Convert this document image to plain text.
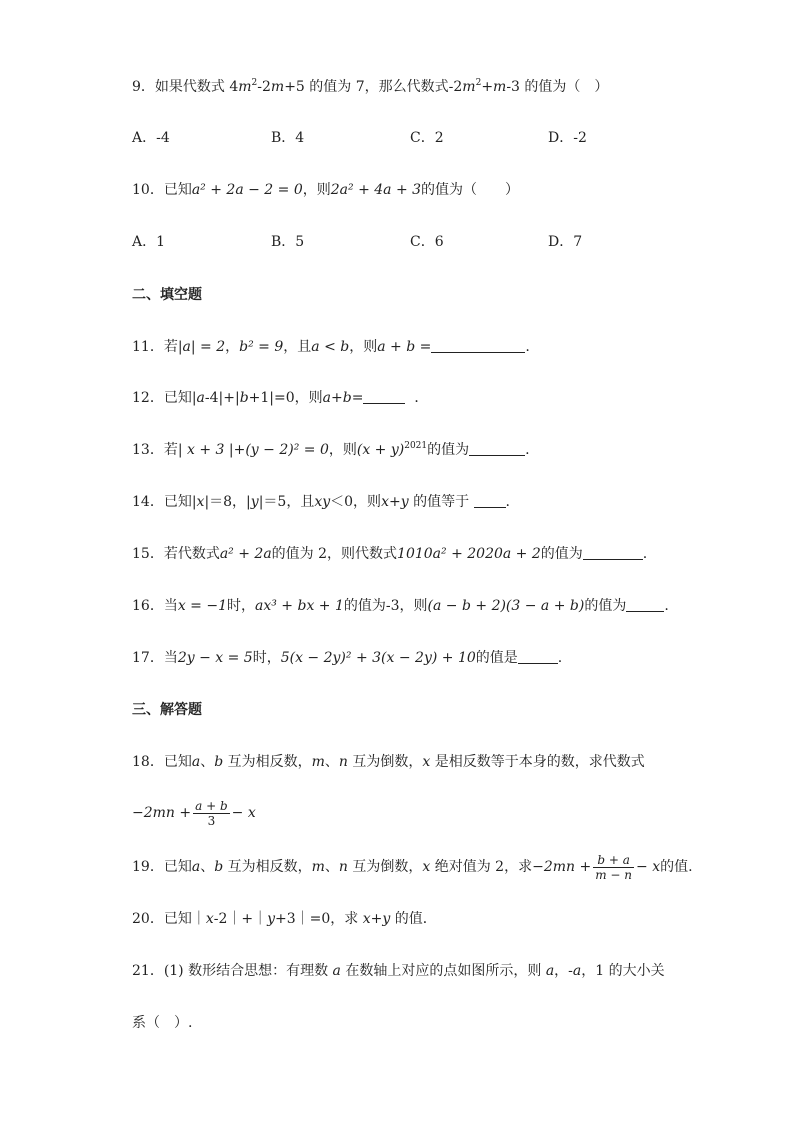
9．如果代数式 $4m^2-2m+5$ 的值为 7，那么代数式$-2m^2+m-3$ 的值为（　）
A．-4	B．4	C．2	D．-2
10．已知a² + 2a − 2 = 0，则2a² + 4a + 3的值为（　　）
A．1	B．5	C．6	D．7
二、填空题
11．若|a| = 2，b² = 9，且a < b，则a + b =	.
12．已知|a-4|+|b+1|=0，则a+b=	．
13．若| x + 3 |+(y − 2)² = 0，则$(x + y)^{2021}$的值为	.
14．已知|x|＝8，|y|＝5，且xy＜0，则x+y 的值等于 .
15．若代数式a² + 2a的值为 2，则代数式1010a² + 2020a + 2的值为	.
16．当x = −1时，ax³ + bx + 1的值为-3，则(a − b + 2)(3 − a + b)的值为	.
17．当2y − x = 5时，5(x − 2y)² + 3(x − 2y) + 10的值是	.
三、解答题
18．已知a、b 互为相反数，m、n 互为倒数，x 是相反数等于本身的数，求代数式
$-2mn + \frac{a + b}{3} - x$
19．已知a、b 互为相反数，m、n 互为倒数，x 绝对值为 2，求$-2mn + \frac{b + a}{m - n} - x$的值.
20．已知｜x-2｜+｜y+3｜=0，求 x+y 的值．
21．(1) 数形结合思想：有理数 a 在数轴上对应的点如图所示，则 a，-a，1 的大小关
系（　）.
